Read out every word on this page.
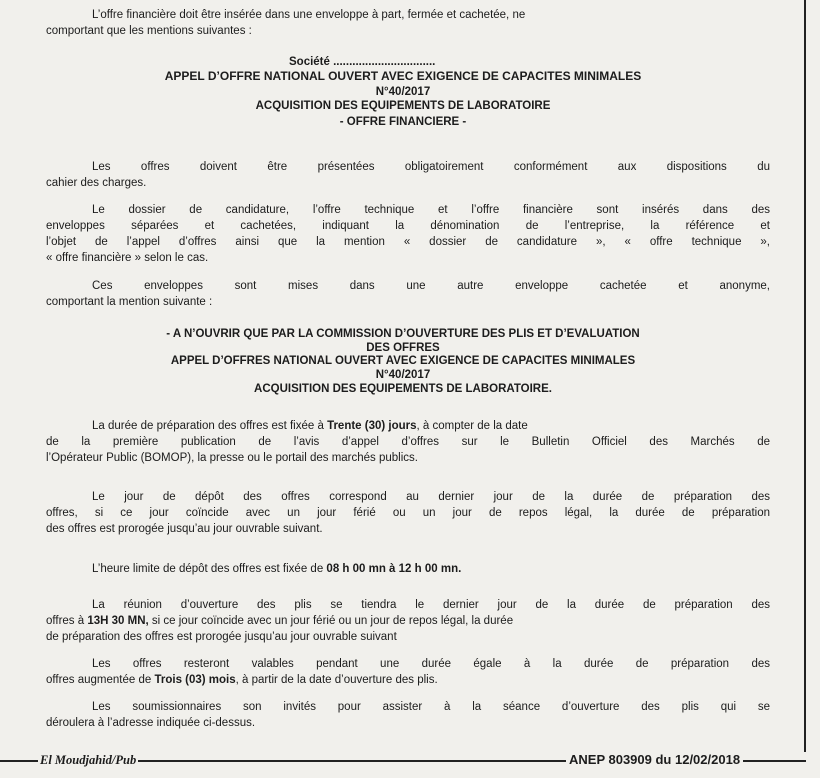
L’offre financière doit être insérée dans une enveloppe à part, fermée et cachetée, ne
comportant que les mentions suivantes :
Société ................................
APPEL D’OFFRE NATIONAL OUVERT AVEC EXIGENCE DE CAPACITES MINIMALES
N°40/2017
ACQUISITION DES EQUIPEMENTS DE LABORATOIRE
- OFFRE FINANCIERE -
Les offres doivent être présentées obligatoirement conformément aux dispositions du
cahier des charges.
Le dossier de candidature, l’offre technique et l’offre financière sont insérés dans des
enveloppes séparées et cachetées, indiquant la dénomination de l’entreprise, la référence et
l’objet de l’appel d’offres ainsi que la mention « dossier de candidature », « offre technique »,
« offre financière » selon le cas.
Ces enveloppes sont mises dans une autre enveloppe cachetée et anonyme,
comportant la mention suivante :
- A N’OUVRIR QUE PAR LA COMMISSION D’OUVERTURE DES PLIS ET D’EVALUATION
DES OFFRES
APPEL D’OFFRES NATIONAL OUVERT AVEC EXIGENCE DE CAPACITES MINIMALES
N°40/2017
ACQUISITION DES EQUIPEMENTS DE LABORATOIRE.
La durée de préparation des offres est fixée à Trente (30) jours, à compter de la date
de la première publication de l’avis d’appel d’offres sur le Bulletin Officiel des Marchés de
l’Opérateur Public (BOMOP), la presse ou le portail des marchés publics.
Le jour de dépôt des offres correspond au dernier jour de la durée de préparation des
offres, si ce jour coïncide avec un jour férié ou un jour de repos légal, la durée de préparation
des offres est prorogée jusqu’au jour ouvrable suivant.
L’heure limite de dépôt des offres est fixée de 08 h 00 mn à 12 h 00 mn.
La réunion d’ouverture des plis se tiendra le dernier jour de la durée de préparation des
offres à 13H 30 MN, si ce jour coïncide avec un jour férié ou un jour de repos légal, la durée
de préparation des offres est prorogée jusqu’au jour ouvrable suivant
Les offres resteront valables pendant une durée égale à la durée de préparation des
offres augmentée de Trois (03) mois, à partir de la date d’ouverture des plis.
Les soumissionnaires son invités pour assister à la séance d’ouverture des plis qui se
déroulera à l’adresse indiquée ci-dessus.
El Moudjahid/Pub	ANEP 803909 du 12/02/2018
